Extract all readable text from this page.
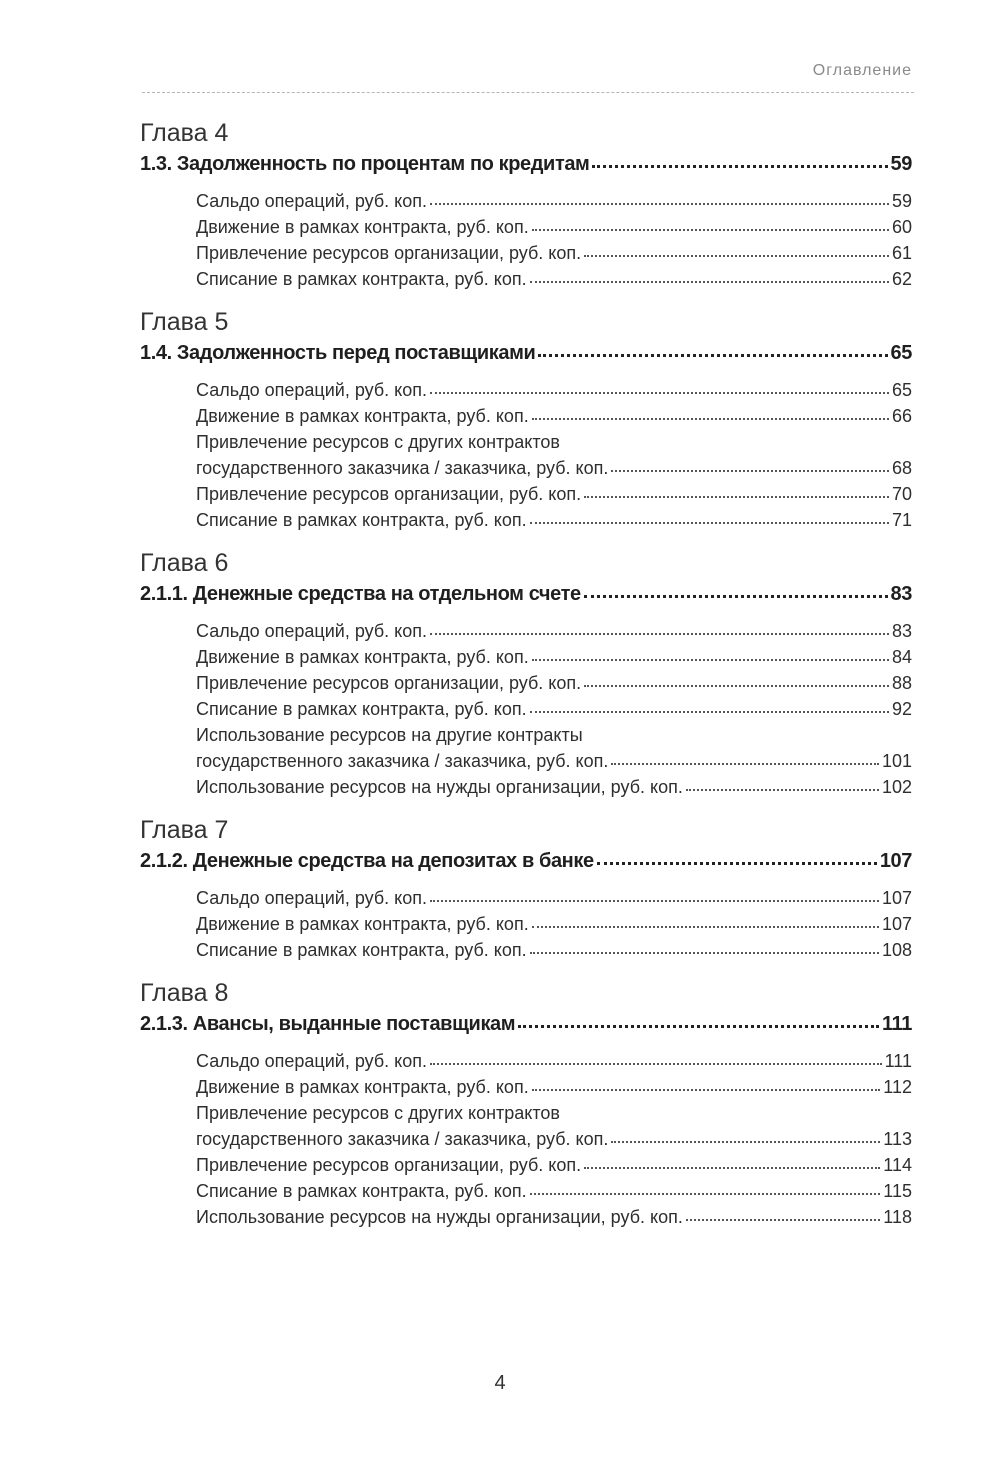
Оглавление
Глава 4
1.3. Задолженность по процентам по кредитам	59
Сальдо операций, руб. коп.	59
Движение в рамках контракта, руб. коп.	60
Привлечение ресурсов организации, руб. коп.	61
Списание в рамках контракта, руб. коп.	62
Глава 5
1.4. Задолженность перед поставщиками	65
Сальдо операций, руб. коп.	65
Движение в рамках контракта, руб. коп.	66
Привлечение ресурсов с других контрактов
государственного заказчика / заказчика, руб. коп.	68
Привлечение ресурсов организации, руб. коп.	70
Списание в рамках контракта, руб. коп.	71
Глава 6
2.1.1. Денежные средства на отдельном счете	83
Сальдо операций, руб. коп.	83
Движение в рамках контракта, руб. коп.	84
Привлечение ресурсов организации, руб. коп.	88
Списание в рамках контракта, руб. коп.	92
Использование ресурсов на другие контракты
государственного заказчика / заказчика, руб. коп.	101
Использование ресурсов на нужды организации, руб. коп.	102
Глава 7
2.1.2. Денежные средства на депозитах в банке	107
Сальдо операций, руб. коп.	107
Движение в рамках контракта, руб. коп.	107
Списание в рамках контракта, руб. коп.	108
Глава 8
2.1.3. Авансы, выданные поставщикам	111
Сальдо операций, руб. коп.	111
Движение в рамках контракта, руб. коп.	112
Привлечение ресурсов с других контрактов
государственного заказчика / заказчика, руб. коп.	113
Привлечение ресурсов организации, руб. коп.	114
Списание в рамках контракта, руб. коп.	115
Использование ресурсов на нужды организации, руб. коп.	118
4
